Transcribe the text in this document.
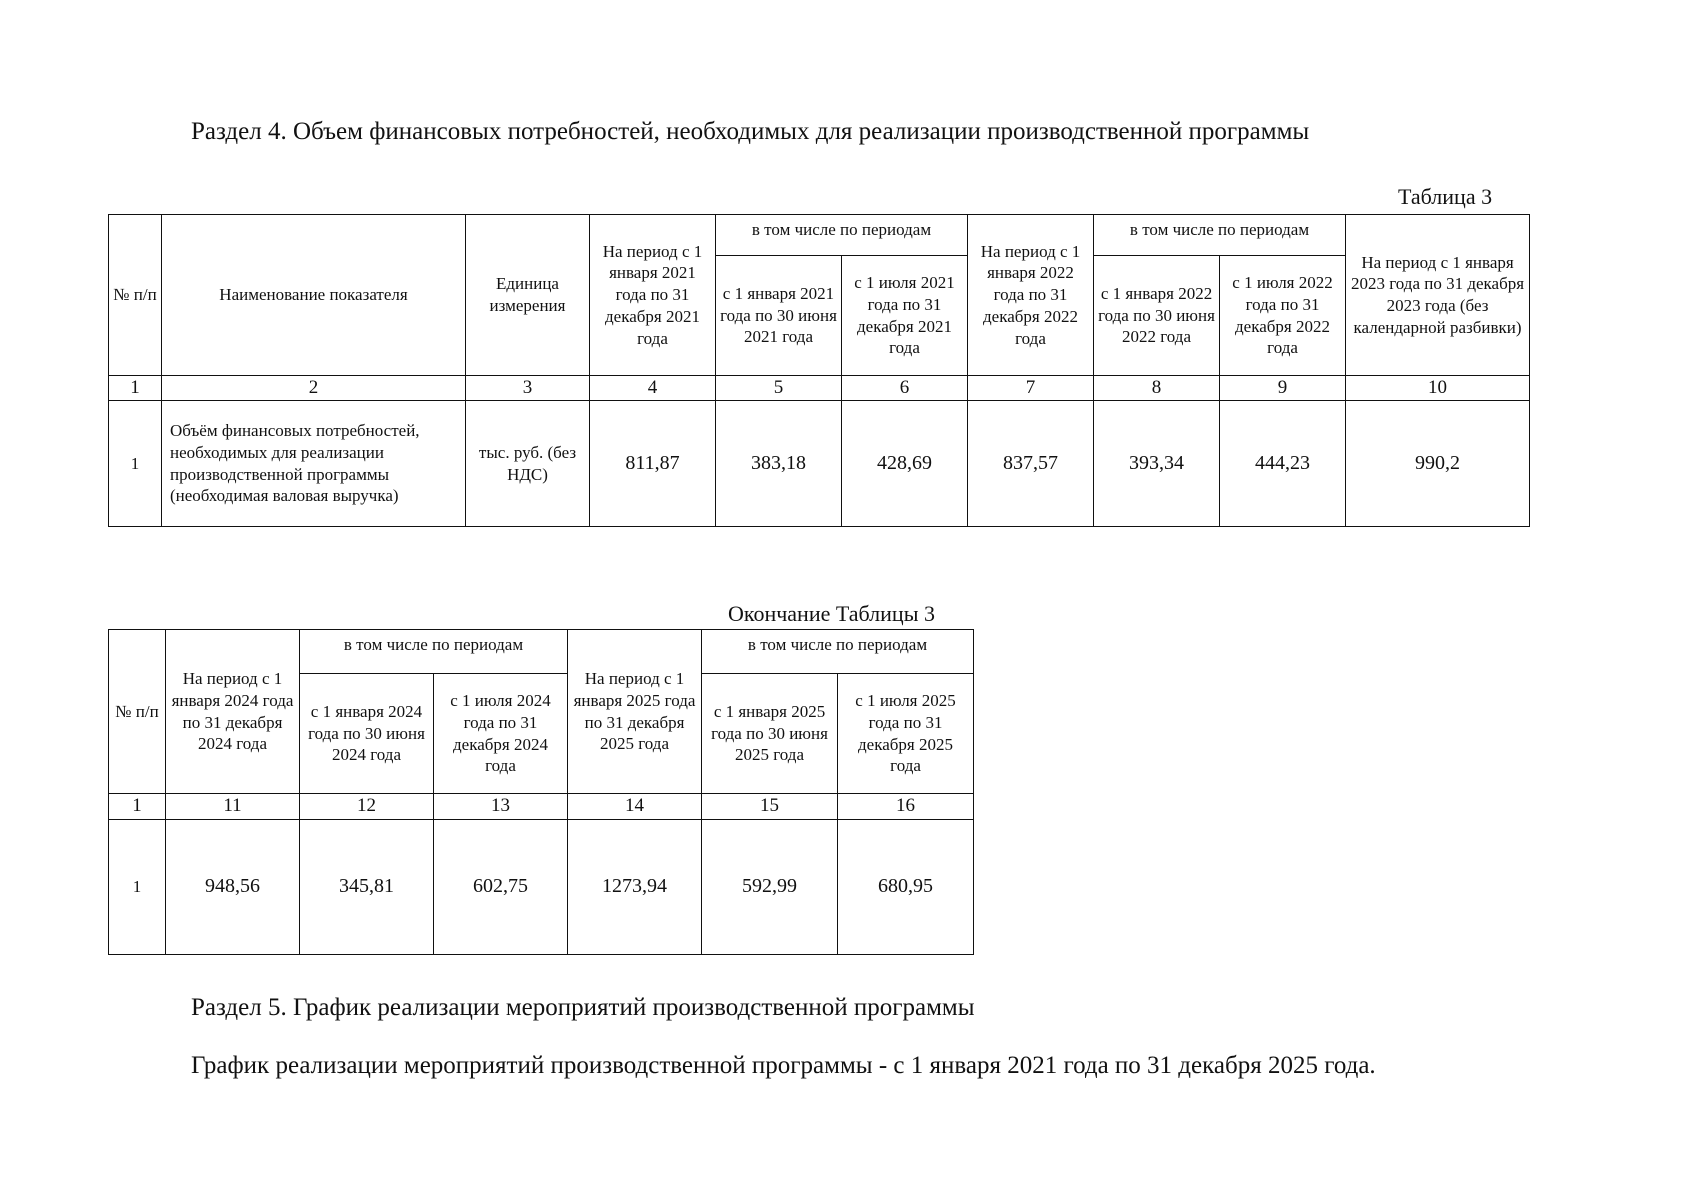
Раздел 4. Объем финансовых потребностей, необходимых для реализации производственной программы
Таблица 3
№ п/п	Наименование показателя	Единица измерения	На период с 1 января 2021 года по 31 декабря 2021 года	в том числе по периодам		На период с 1 января 2022 года по 31 декабря 2022 года	в том числе по периодам		На период с 1 января 2023 года по 31 декабря 2023 года (без календарной разбивки)
				с 1 января 2021 года по 30 июня 2021 года	с 1 июля 2021 года по 31 декабря 2021 года		с 1 января 2022 года по 30 июня 2022 года	с 1 июля 2022 года по 31 декабря 2022 года	
1	2	3	4	5	6	7	8	9	10
1	Объём финансовых потребностей, необходимых для реализации производственной программы (необходимая валовая выручка)	тыс. руб. (без НДС)	811,87	383,18	428,69	837,57	393,34	444,23	990,2
Окончание Таблицы 3
№ п/п	На период с 1 января 2024 года по 31 декабря 2024 года	в том числе по периодам		На период с 1 января 2025 года по 31 декабря 2025 года	в том числе по периодам	
		с 1 января 2024 года по 30 июня 2024 года	с 1 июля 2024 года по 31 декабря 2024 года		с 1 января 2025 года по 30 июня 2025 года	с 1 июля 2025 года по 31 декабря 2025 года
1	11	12	13	14	15	16
1	948,56	345,81	602,75	1273,94	592,99	680,95
Раздел 5. График реализации мероприятий производственной программы
График реализации мероприятий производственной программы - с 1 января 2021 года по 31 декабря 2025 года.
